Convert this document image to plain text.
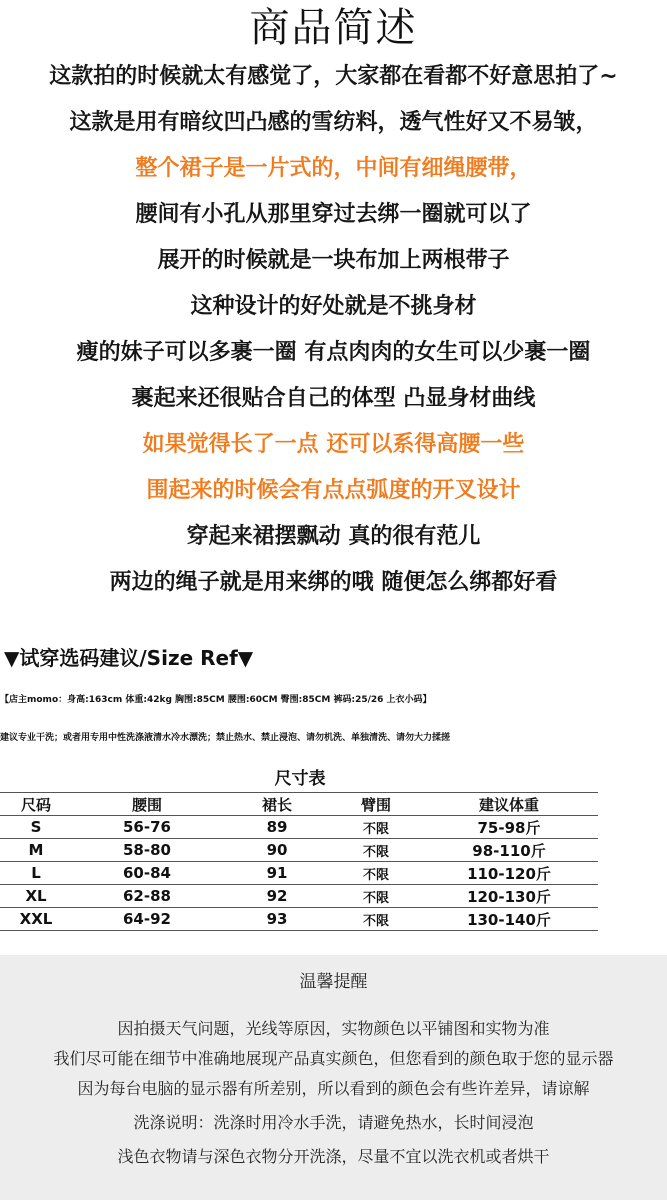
商品简述
这款拍的时候就太有感觉了，大家都在看都不好意思拍了~
这款是用有暗纹凹凸感的雪纺料，透气性好又不易皱，
整个裙子是一片式的，中间有细绳腰带，
腰间有小孔从那里穿过去绑一圈就可以了
展开的时候就是一块布加上两根带子
这种设计的好处就是不挑身材
瘦的妹子可以多裹一圈 有点肉肉的女生可以少裹一圈
裹起来还很贴合自己的体型 凸显身材曲线
如果觉得长了一点 还可以系得高腰一些
围起来的时候会有点点弧度的开叉设计
穿起来裙摆飘动 真的很有范儿
两边的绳子就是用来绑的哦 随便怎么绑都好看
▼试穿选码建议/Size Ref▼
【店主momo：身高:163cm 体重:42kg 胸围:85CM 腰围:60CM 臀围:85CM 裤码:25/26 上衣小码】
建议专业干洗；或者用专用中性洗涤液清水冷水漂洗；禁止热水、禁止浸泡、请勿机洗、单独清洗、请勿大力揉搓
尺寸表
尺码	腰围	裙长	臂围	建议体重
S	56-76	89	不限	75-98斤
M	58-80	90	不限	98-110斤
L	60-84	91	不限	110-120斤
XL	62-88	92	不限	120-130斤
XXL	64-92	93	不限	130-140斤
温馨提醒
因拍摄天气问题，光线等原因，实物颜色以平铺图和实物为准
我们尽可能在细节中准确地展现产品真实颜色，但您看到的颜色取于您的显示器
因为每台电脑的显示器有所差别，所以看到的颜色会有些许差异，请谅解
洗涤说明：洗涤时用冷水手洗，请避免热水，长时间浸泡
浅色衣物请与深色衣物分开洗涤，尽量不宜以洗衣机或者烘干
